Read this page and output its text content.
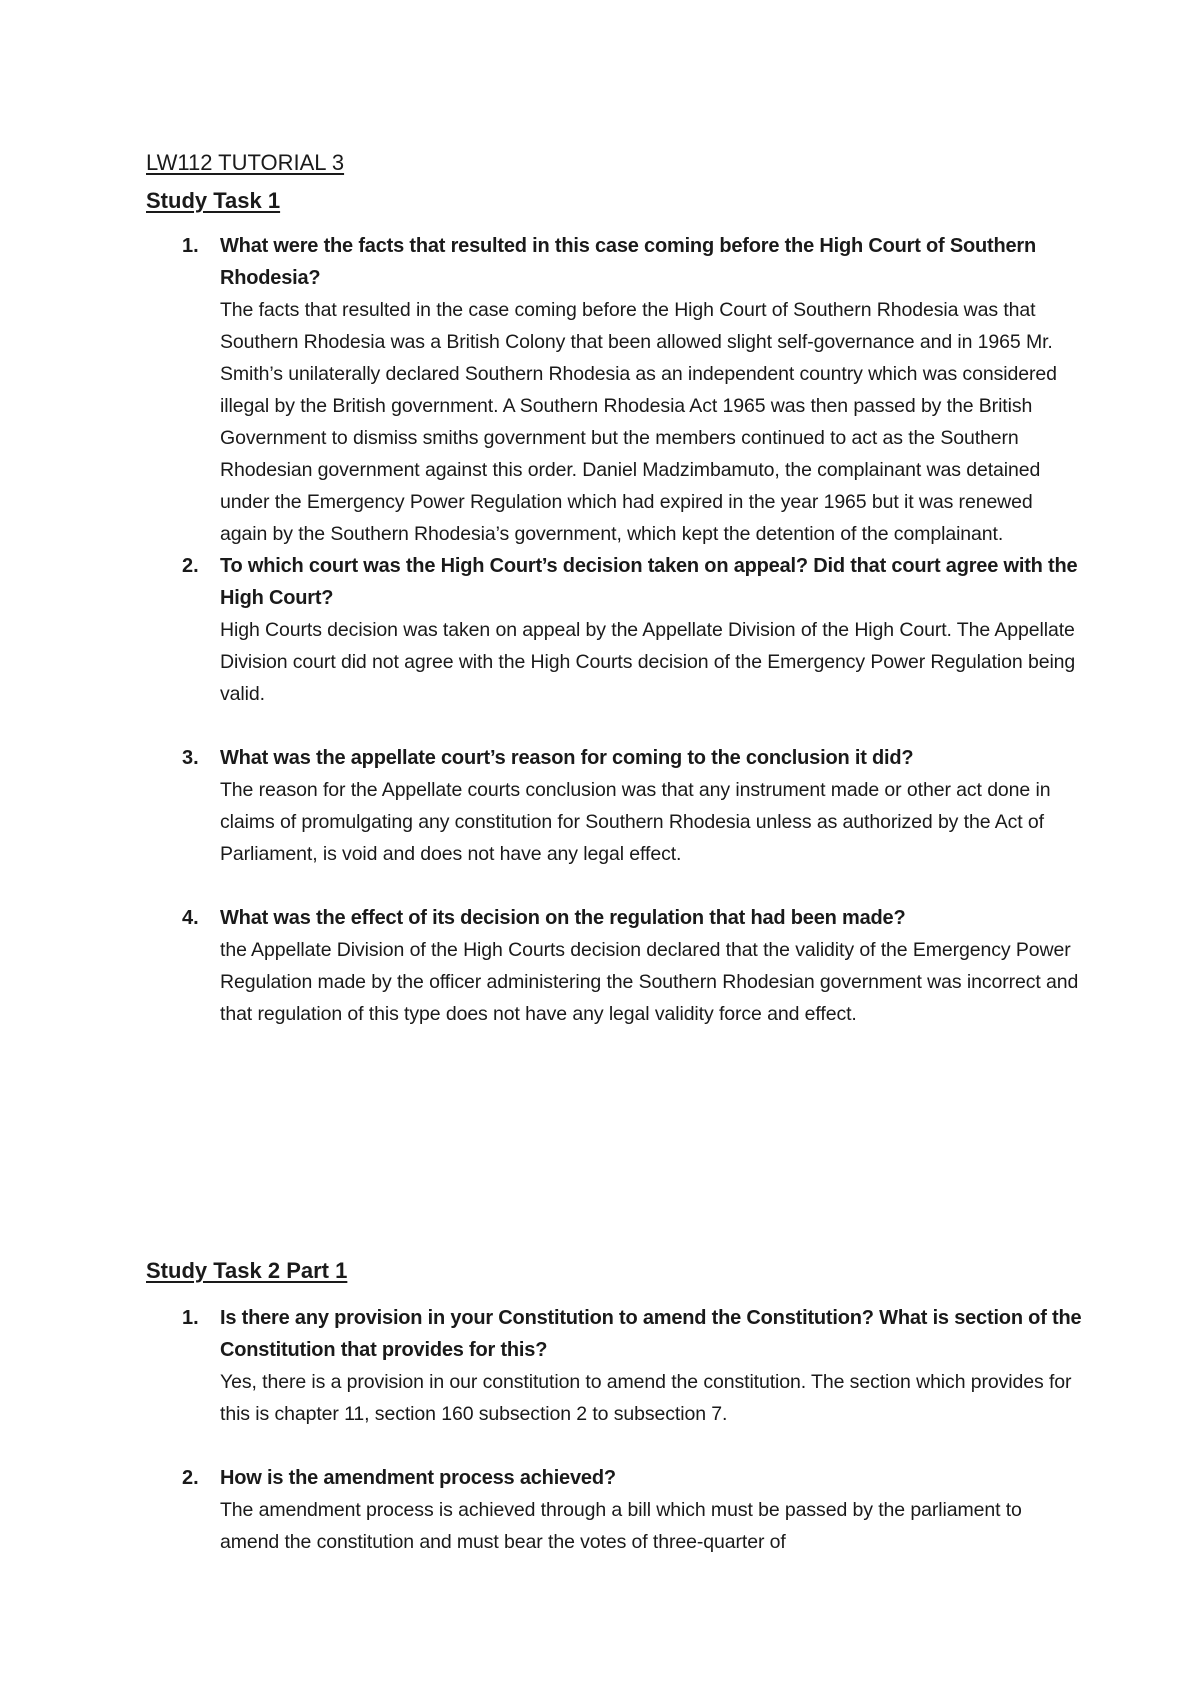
LW112 TUTORIAL 3
Study Task 1
1. What were the facts that resulted in this case coming before the High Court of Southern Rhodesia?

The facts that resulted in the case coming before the High Court of Southern Rhodesia was that Southern Rhodesia was a British Colony that been allowed slight self-governance and in 1965 Mr. Smith’s unilaterally declared Southern Rhodesia as an independent country which was considered illegal by the British government. A Southern Rhodesia Act 1965 was then passed by the British Government to dismiss smiths government but the members continued to act as the Southern Rhodesian government against this order. Daniel Madzimbamuto, the complainant was detained under the Emergency Power Regulation which had expired in the year 1965 but it was renewed again by the Southern Rhodesia’s government, which kept the detention of the complainant.

2. To which court was the High Court’s decision taken on appeal? Did that court agree with the High Court?

High Courts decision was taken on appeal by the Appellate Division of the High Court. The Appellate Division court did not agree with the High Courts decision of the Emergency Power Regulation being valid.

3. What was the appellate court’s reason for coming to the conclusion it did?

The reason for the Appellate courts conclusion was that any instrument made or other act done in claims of promulgating any constitution for Southern Rhodesia unless as authorized by the Act of Parliament, is void and does not have any legal effect.

4. What was the effect of its decision on the regulation that had been made?

the Appellate Division of the High Courts decision declared that the validity of the Emergency Power Regulation made by the officer administering the Southern Rhodesian government was incorrect and that regulation of this type does not have any legal validity force and effect.

Study Task 2 Part 1
1. Is there any provision in your Constitution to amend the Constitution? What is section of the Constitution that provides for this?

Yes, there is a provision in our constitution to amend the constitution. The section which provides for this is chapter 11, section 160 subsection 2 to subsection 7.

2. How is the amendment process achieved?

The amendment process is achieved through a bill which must be passed by the parliament to amend the constitution and must bear the votes of three-quarter of
